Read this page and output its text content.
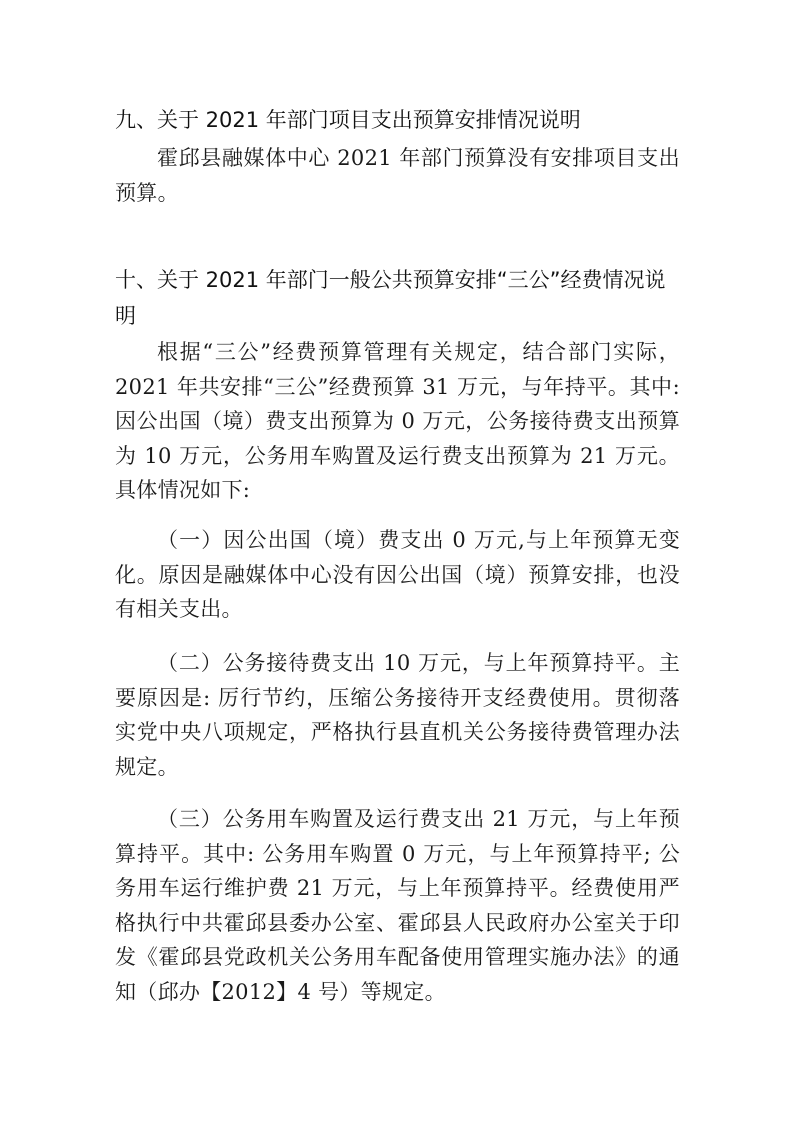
九、关于 2021 年部门项目支出预算安排情况说明

霍邱县融媒体中心 2021 年部门预算没有安排项目支出预算。

十、关于 2021 年部门一般公共预算安排“三公”经费情况说明

根据“三公”经费预算管理有关规定，结合部门实际，2021 年共安排“三公”经费预算 31 万元，与年持平。其中:因公出国（境）费支出预算为 0 万元，公务接待费支出预算为 10 万元，公务用车购置及运行费支出预算为 21 万元。具体情况如下:

（一）因公出国（境）费支出 0 万元,与上年预算无变化。原因是融媒体中心没有因公出国（境）预算安排，也没有相关支出。

（二）公务接待费支出 10 万元，与上年预算持平。主要原因是: 厉行节约，压缩公务接待开支经费使用。贯彻落实党中央八项规定，严格执行县直机关公务接待费管理办法规定。

（三）公务用车购置及运行费支出 21 万元，与上年预算持平。其中: 公务用车购置 0 万元，与上年预算持平; 公务用车运行维护费 21 万元，与上年预算持平。经费使用严格执行中共霍邱县委办公室、霍邱县人民政府办公室关于印发《霍邱县党政机关公务用车配备使用管理实施办法》的通知（邱办【2012】4 号）等规定。
